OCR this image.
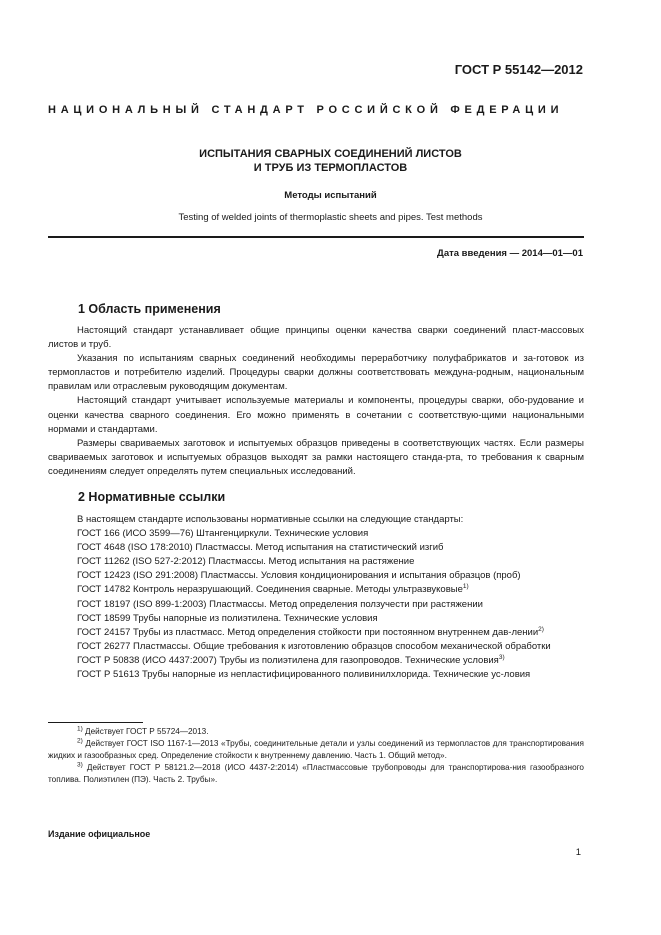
ГОСТ Р 55142—2012
НАЦИОНАЛЬНЫЙ СТАНДАРТ РОССИЙСКОЙ ФЕДЕРАЦИИ
ИСПЫТАНИЯ СВАРНЫХ СОЕДИНЕНИЙ ЛИСТОВ
И ТРУБ ИЗ ТЕРМОПЛАСТОВ
Методы испытаний
Testing of welded joints of thermoplastic sheets and pipes. Test methods
Дата введения — 2014—01—01
1 Область применения

Настоящий стандарт устанавливает общие принципы оценки качества сварки соединений пласт-массовых листов и труб.

Указания по испытаниям сварных соединений необходимы переработчику полуфабрикатов и за-готовок из термопластов и потребителю изделий. Процедуры сварки должны соответствовать междуна-родным, национальным правилам или отраслевым руководящим документам.

Настоящий стандарт учитывает используемые материалы и компоненты, процедуры сварки, обо-рудование и оценки качества сварного соединения. Его можно применять в сочетании с соответствую-щими национальными нормами и стандартами.

Размеры свариваемых заготовок и испытуемых образцов приведены в соответствующих частях. Если размеры свариваемых заготовок и испытуемых образцов выходят за рамки настоящего станда-рта, то требования к сварным соединениям следует определять путем специальных исследований.

2 Нормативные ссылки

В настоящем стандарте использованы нормативные ссылки на следующие стандарты:

ГОСТ 166 (ИСО 3599—76) Штангенциркули. Технические условия

ГОСТ 4648 (ISO 178:2010) Пластмассы. Метод испытания на статистический изгиб

ГОСТ 11262 (ISO 527-2:2012) Пластмассы. Метод испытания на растяжение

ГОСТ 12423 (ISO 291:2008) Пластмассы. Условия кондиционирования и испытания образцов (проб)

ГОСТ 14782 Контроль неразрушающий. Соединения сварные. Методы ультразвуковые$^{1)}$

ГОСТ 18197 (ISO 899-1:2003) Пластмассы. Метод определения ползучести при растяжении

ГОСТ 18599 Трубы напорные из полиэтилена. Технические условия

ГОСТ 24157 Трубы из пластмасс. Метод определения стойкости при постоянном внутреннем дав-лении$^{2)}$

ГОСТ 26277 Пластмассы. Общие требования к изготовлению образцов способом механической обработки

ГОСТ Р 50838 (ИСО 4437:2007) Трубы из полиэтилена для газопроводов. Технические условия$^{3)}$

ГОСТ Р 51613 Трубы напорные из непластифицированного поливинилхлорида. Технические ус-ловия

$^{1)}$ Действует ГОСТ Р 55724—2013.

$^{2)}$ Действует ГОСТ ISO 1167-1—2013 «Трубы, соединительные детали и узлы соединений из термопластов для транспортирования жидких и газообразных сред. Определение стойкости к внутреннему давлению. Часть 1. Общий метод».

$^{3)}$ Действует ГОСТ Р 58121.2—2018 (ИСО 4437-2:2014) «Пластмассовые трубопроводы для транспортирова-ния газообразного топлива. Полиэтилен (ПЭ). Часть 2. Трубы».

Издание официальное
1
